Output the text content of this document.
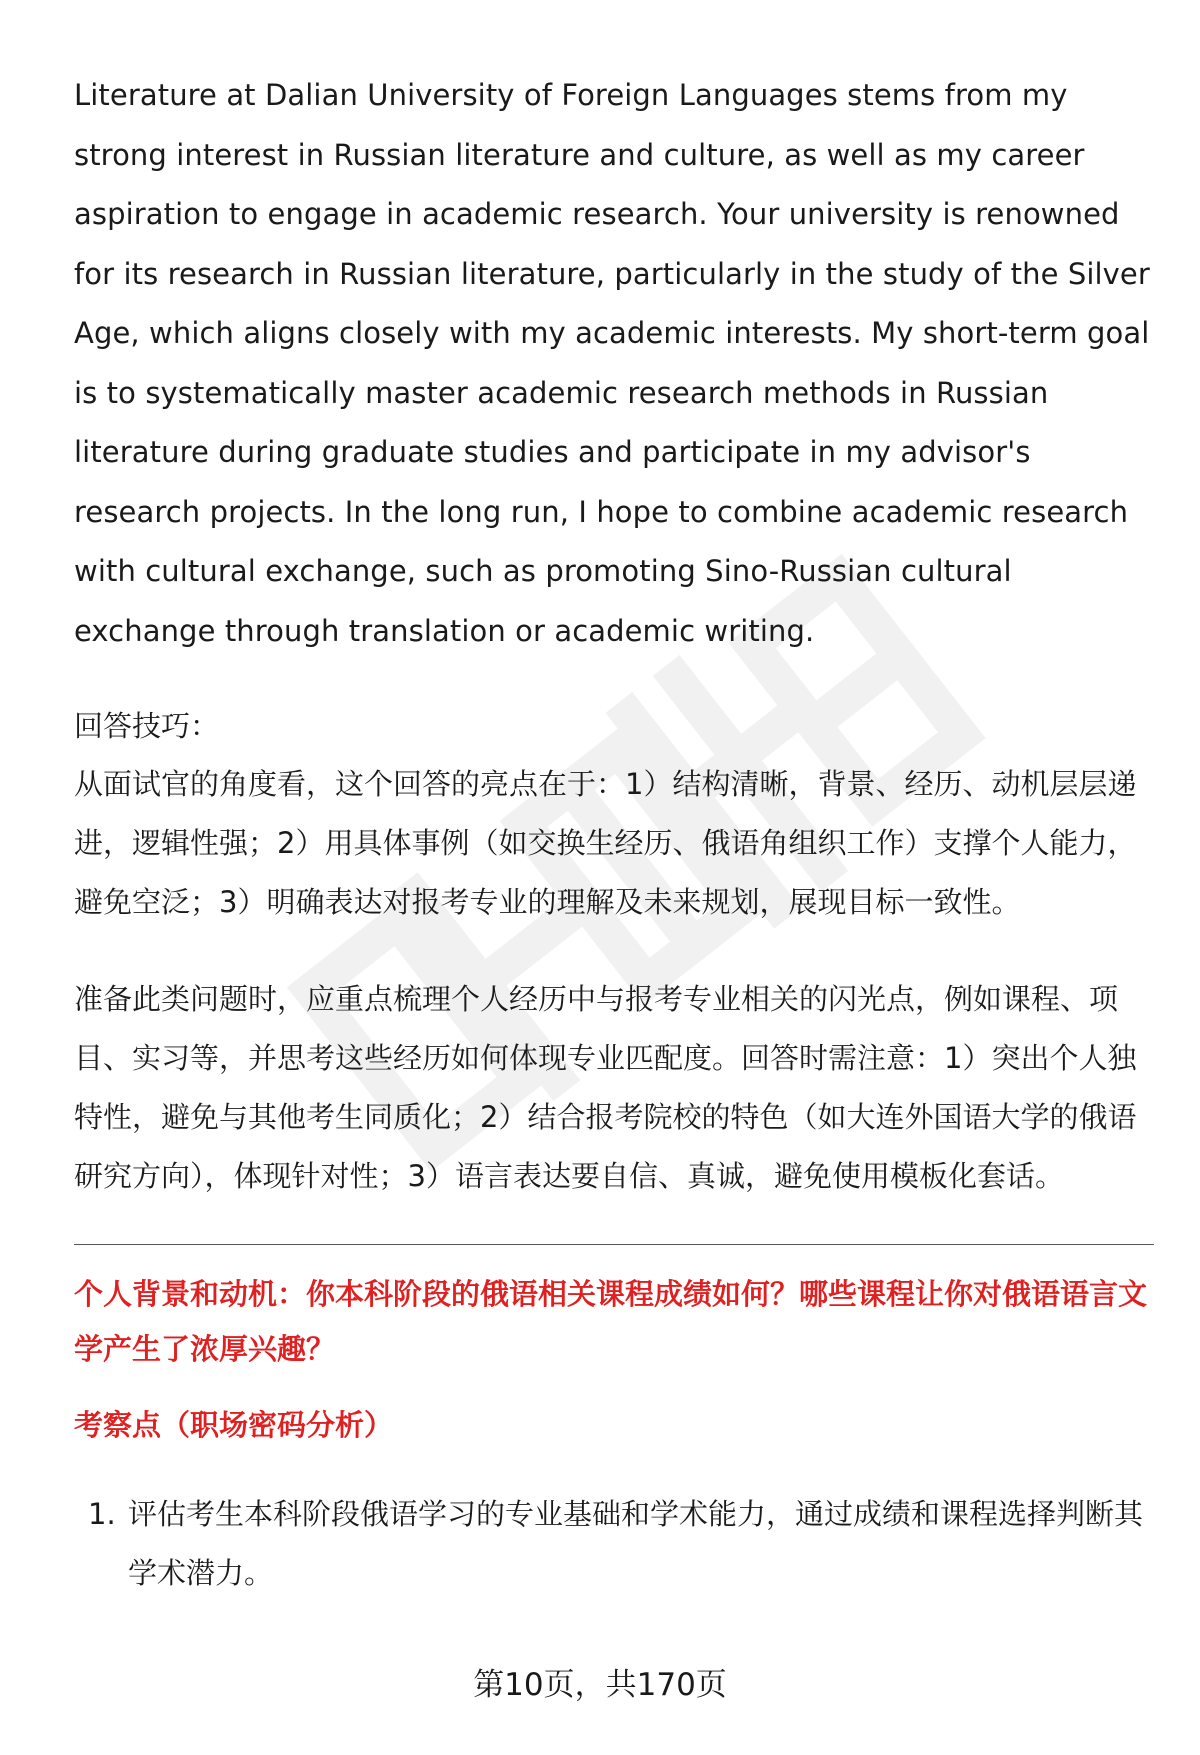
Literature at Dalian University of Foreign Languages stems from my strong interest in Russian literature and culture, as well as my career aspiration to engage in academic research. Your university is renowned for its research in Russian literature, particularly in the study of the Silver Age, which aligns closely with my academic interests. My short-term goal is to systematically master academic research methods in Russian literature during graduate studies and participate in my advisor's research projects. In the long run, I hope to combine academic research with cultural exchange, such as promoting Sino-Russian cultural exchange through translation or academic writing.

回答技巧：

从面试官的角度看，这个回答的亮点在于：1）结构清晰，背景、经历、动机层层递进，逻辑性强；2）用具体事例（如交换生经历、俄语角组织工作）支撑个人能力，避免空泛；3）明确表达对报考专业的理解及未来规划，展现目标一致性。

准备此类问题时，应重点梳理个人经历中与报考专业相关的闪光点，例如课程、项目、实习等，并思考这些经历如何体现专业匹配度。回答时需注意：1）突出个人独特性，避免与其他考生同质化；2）结合报考院校的特色（如大连外国语大学的俄语研究方向），体现针对性；3）语言表达要自信、真诚，避免使用模板化套话。

个人背景和动机：你本科阶段的俄语相关课程成绩如何？哪些课程让你对俄语语言文学产生了浓厚兴趣？

考察点（职场密码分析）

1. 评估考生本科阶段俄语学习的专业基础和学术能力，通过成绩和课程选择判断其学术潜力。
第10页，共170页
